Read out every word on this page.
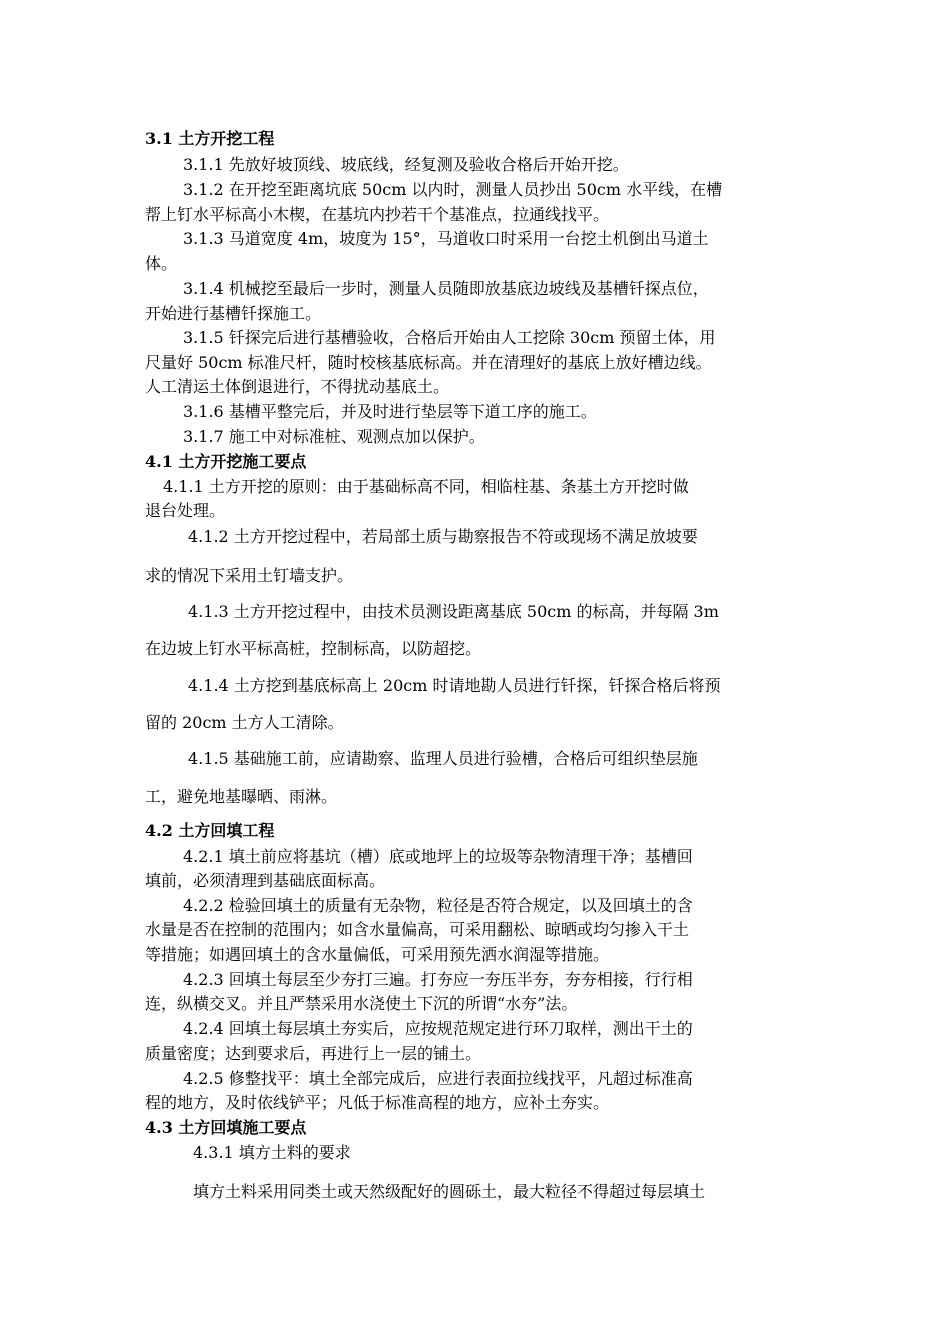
3.1 土方开挖工程
3.1.1 先放好坡顶线、坡底线，经复测及验收合格后开始开挖。
3.1.2 在开挖至距离坑底 50cm 以内时，测量人员抄出 50cm 水平线，在槽
帮上钉水平标高小木楔，在基坑内抄若干个基准点，拉通线找平。
3.1.3 马道宽度 4m，坡度为 15°，马道收口时采用一台挖土机倒出马道土
体。
3.1.4 机械挖至最后一步时，测量人员随即放基底边坡线及基槽钎探点位，
开始进行基槽钎探施工。
3.1.5 钎探完后进行基槽验收，合格后开始由人工挖除 30cm 预留土体，用
尺量好 50cm 标准尺杆，随时校核基底标高。并在清理好的基底上放好槽边线。
人工清运土体倒退进行，不得扰动基底土。
3.1.6 基槽平整完后，并及时进行垫层等下道工序的施工。
3.1.7 施工中对标准桩、观测点加以保护。
4.1 土方开挖施工要点
4.1.1 土方开挖的原则：由于基础标高不同，相临柱基、条基土方开挖时做
退台处理。
4.1.2 土方开挖过程中，若局部土质与勘察报告不符或现场不满足放坡要
求的情况下采用土钉墙支护。
4.1.3 土方开挖过程中，由技术员测设距离基底 50cm 的标高，并每隔 3m
在边坡上钉水平标高桩，控制标高，以防超挖。
4.1.4 土方挖到基底标高上 20cm 时请地勘人员进行钎探，钎探合格后将预
留的 20cm 土方人工清除。
4.1.5 基础施工前，应请勘察、监理人员进行验槽，合格后可组织垫层施
工，避免地基曝晒、雨淋。
4.2 土方回填工程
4.2.1 填土前应将基坑（槽）底或地坪上的垃圾等杂物清理干净；基槽回
填前，必须清理到基础底面标高。
4.2.2 检验回填土的质量有无杂物，粒径是否符合规定，以及回填土的含
水量是否在控制的范围内；如含水量偏高，可采用翻松、晾晒或均匀掺入干土
等措施；如遇回填土的含水量偏低，可采用预先洒水润湿等措施。
4.2.3 回填土每层至少夯打三遍。打夯应一夯压半夯，夯夯相接，行行相
连，纵横交叉。并且严禁采用水浇使土下沉的所谓“水夯”法。
4.2.4 回填土每层填土夯实后，应按规范规定进行环刀取样，测出干土的
质量密度；达到要求后，再进行上一层的铺土。
4.2.5 修整找平：填土全部完成后，应进行表面拉线找平，凡超过标准高
程的地方，及时依线铲平；凡低于标准高程的地方，应补土夯实。
4.3 土方回填施工要点
4.3.1 填方土料的要求
填方土料采用同类土或天然级配好的圆砾土，最大粒径不得超过每层填土
